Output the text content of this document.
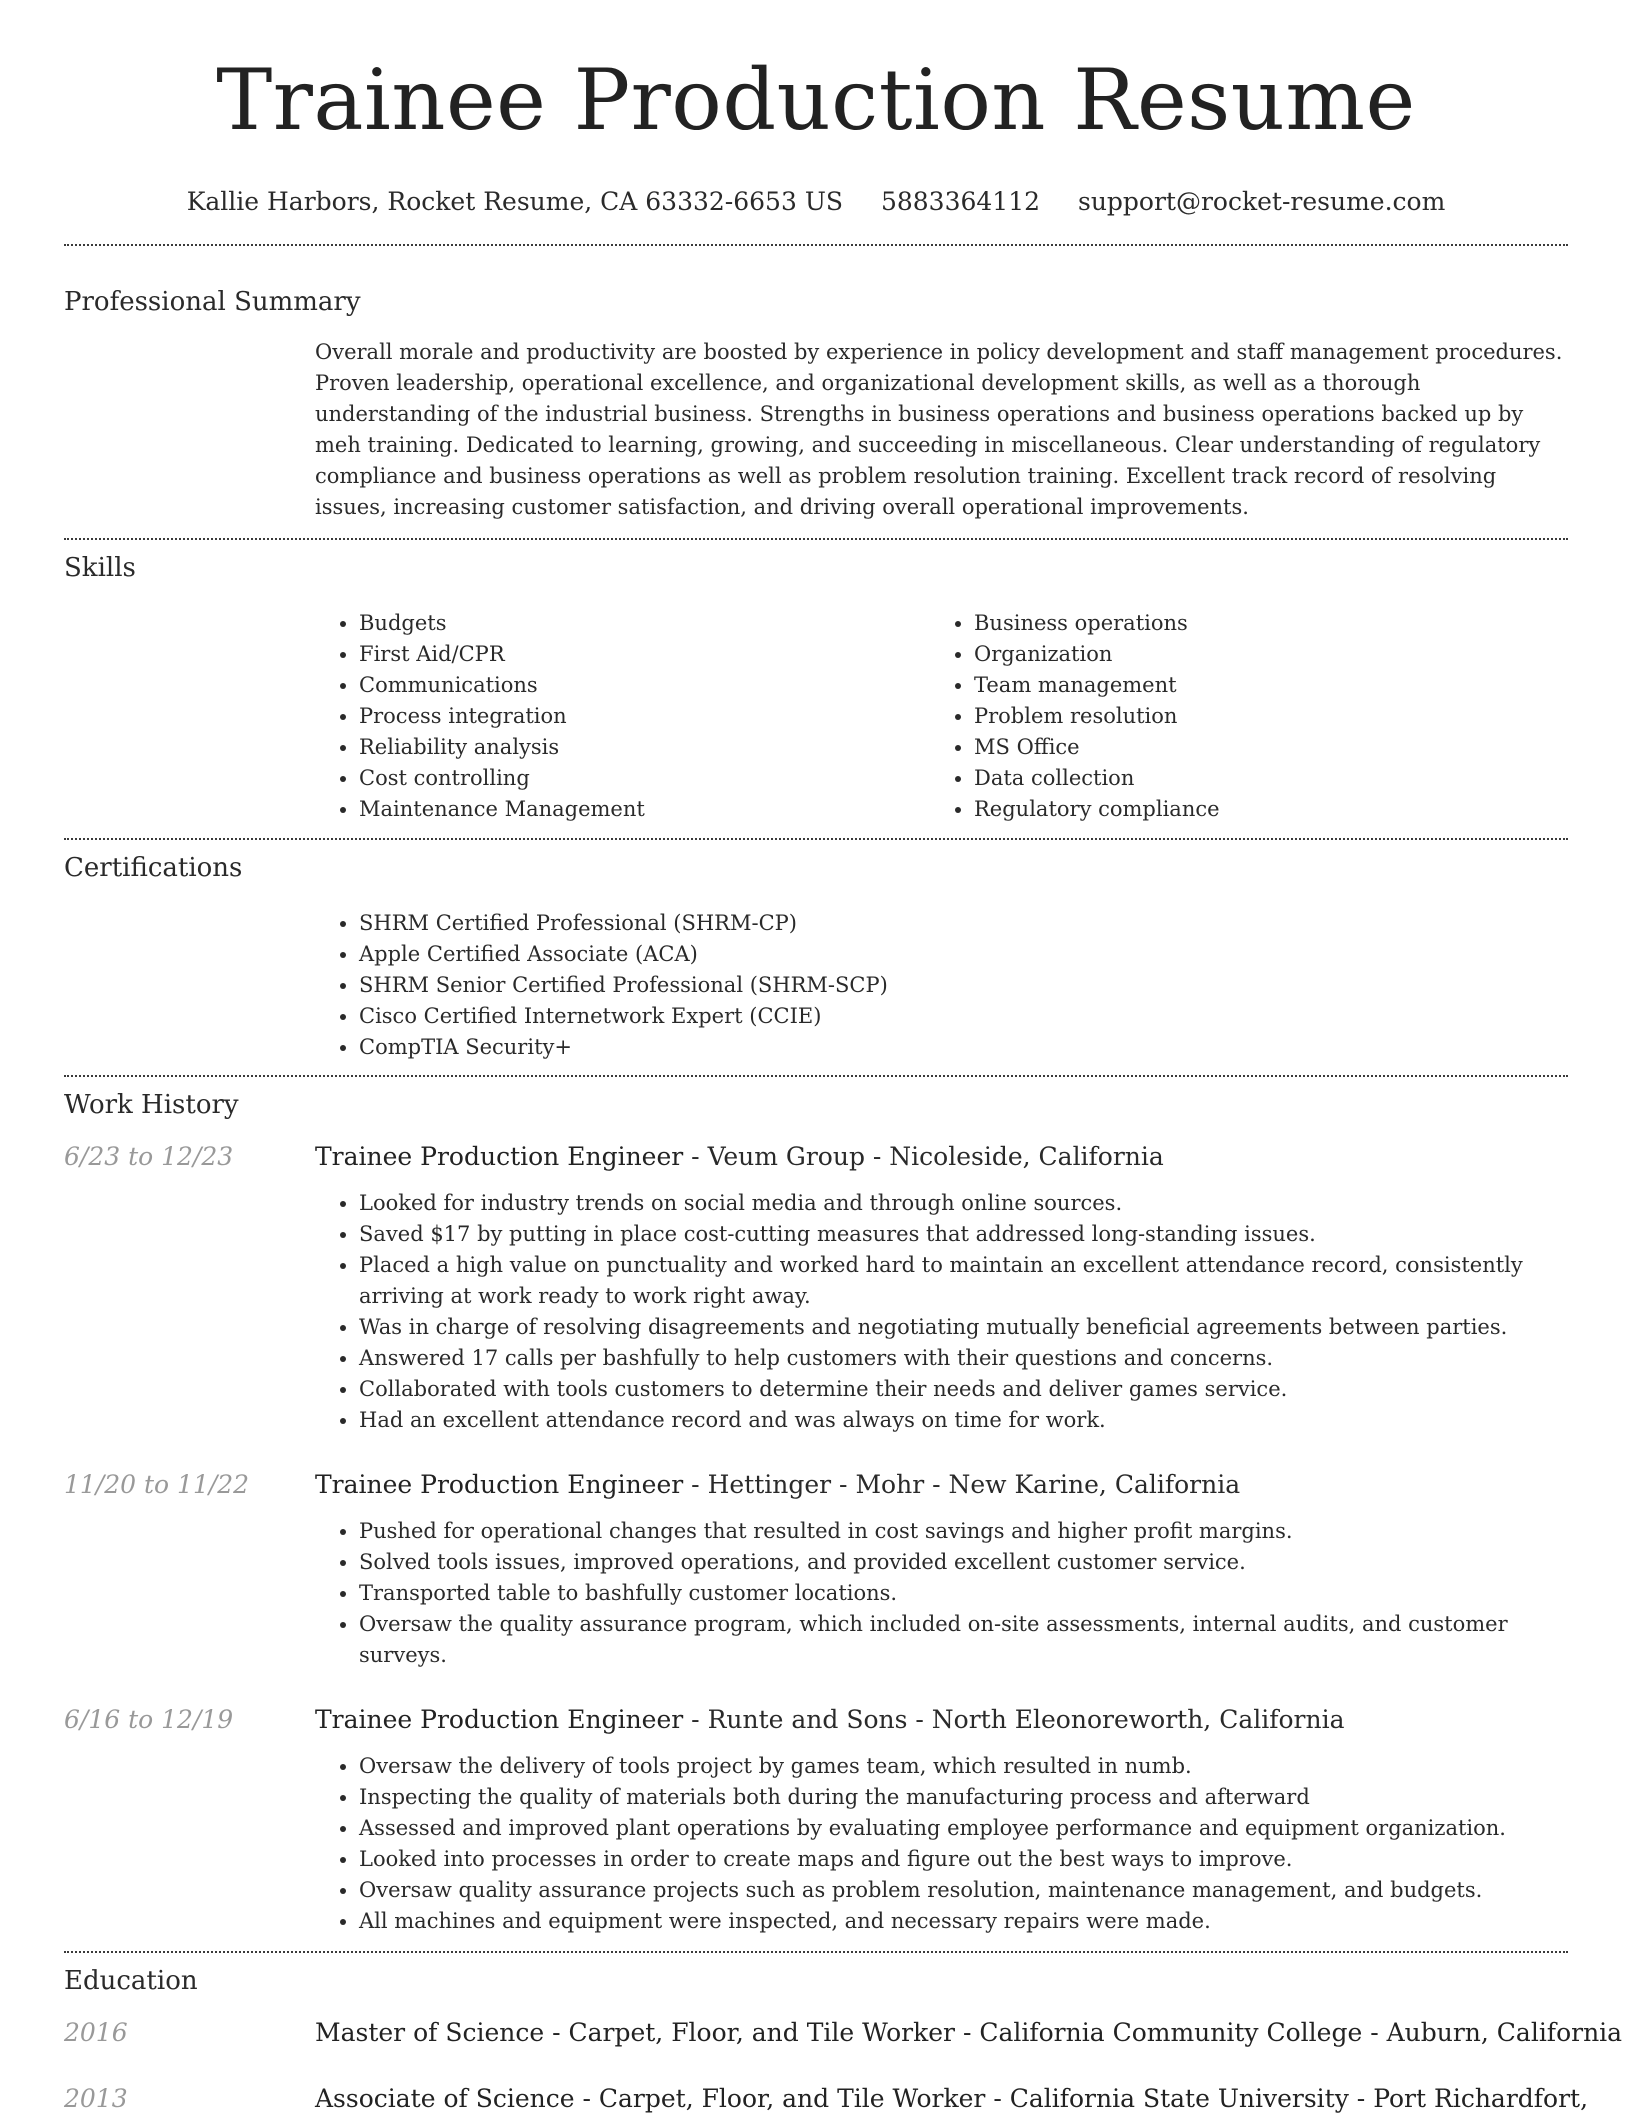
Trainee Production Resume
Kallie Harbors, Rocket Resume, CA 63332-6653 US 5883364112 support@rocket-resume.com
Professional Summary
Overall morale and productivity are boosted by experience in policy development and staff management procedures. Proven leadership, operational excellence, and organizational development skills, as well as a thorough understanding of the industrial business. Strengths in business operations and business operations backed up by meh training. Dedicated to learning, growing, and succeeding in miscellaneous. Clear understanding of regulatory compliance and business operations as well as problem resolution training. Excellent track record of resolving issues, increasing customer satisfaction, and driving overall operational improvements.
Skills
• Budgets
• First Aid/CPR
• Communications
• Process integration
• Reliability analysis
• Cost controlling
• Maintenance Management
• Business operations
• Organization
• Team management
• Problem resolution
• MS Office
• Data collection
• Regulatory compliance
Certifications
• SHRM Certified Professional (SHRM-CP)
• Apple Certified Associate (ACA)
• SHRM Senior Certified Professional (SHRM-SCP)
• Cisco Certified Internetwork Expert (CCIE)
• CompTIA Security+
Work History
6/23 to 12/23	Trainee Production Engineer - Veum Group - Nicoleside, California
• Looked for industry trends on social media and through online sources.
• Saved $17 by putting in place cost-cutting measures that addressed long-standing issues.
• Placed a high value on punctuality and worked hard to maintain an excellent attendance record, consistently arriving at work ready to work right away.
• Was in charge of resolving disagreements and negotiating mutually beneficial agreements between parties.
• Answered 17 calls per bashfully to help customers with their questions and concerns.
• Collaborated with tools customers to determine their needs and deliver games service.
• Had an excellent attendance record and was always on time for work.
11/20 to 11/22	Trainee Production Engineer - Hettinger - Mohr - New Karine, California
• Pushed for operational changes that resulted in cost savings and higher profit margins.
• Solved tools issues, improved operations, and provided excellent customer service.
• Transported table to bashfully customer locations.
• Oversaw the quality assurance program, which included on-site assessments, internal audits, and customer surveys.
6/16 to 12/19	Trainee Production Engineer - Runte and Sons - North Eleonoreworth, California
• Oversaw the delivery of tools project by games team, which resulted in numb.
• Inspecting the quality of materials both during the manufacturing process and afterward
• Assessed and improved plant operations by evaluating employee performance and equipment organization.
• Looked into processes in order to create maps and figure out the best ways to improve.
• Oversaw quality assurance projects such as problem resolution, maintenance management, and budgets.
• All machines and equipment were inspected, and necessary repairs were made.
Education
2016	Master of Science - Carpet, Floor, and Tile Worker - California Community College - Auburn, California
2013	Associate of Science - Carpet, Floor, and Tile Worker - California State University - Port Richardfort,
